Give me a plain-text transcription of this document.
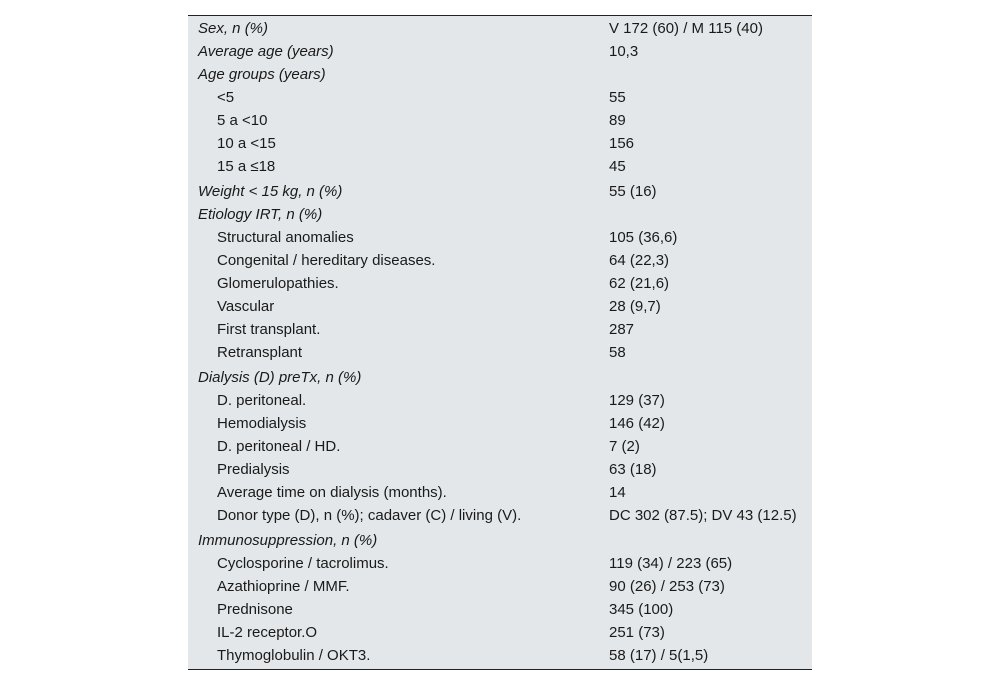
Sex, n (%)	V 172 (60) / M 115 (40)
Average age (years)	10,3
Age groups (years)	
<5	55
5 a <10	89
10 a <15	156
15 a ≤18	45
Weight < 15 kg, n (%)	55 (16)
Etiology IRT, n (%)	
Structural anomalies	105 (36,6)
Congenital / hereditary diseases.	64 (22,3)
Glomerulopathies.	62 (21,6)
Vascular	28 (9,7)
First transplant.	287
Retransplant	58
Dialysis (D) preTx, n (%)	
D. peritoneal.	129 (37)
Hemodialysis	146 (42)
D. peritoneal / HD.	7 (2)
Predialysis	63 (18)
Average time on dialysis (months).	14
Donor type (D), n (%); cadaver (C) / living (V).	DC 302 (87.5); DV 43 (12.5)
Immunosuppression, n (%)	
Cyclosporine / tacrolimus.	119 (34) / 223 (65)
Azathioprine / MMF.	90 (26) / 253 (73)
Prednisone	345 (100)
IL-2 receptor.O	251 (73)
Thymoglobulin / OKT3.	58 (17) / 5(1,5)
